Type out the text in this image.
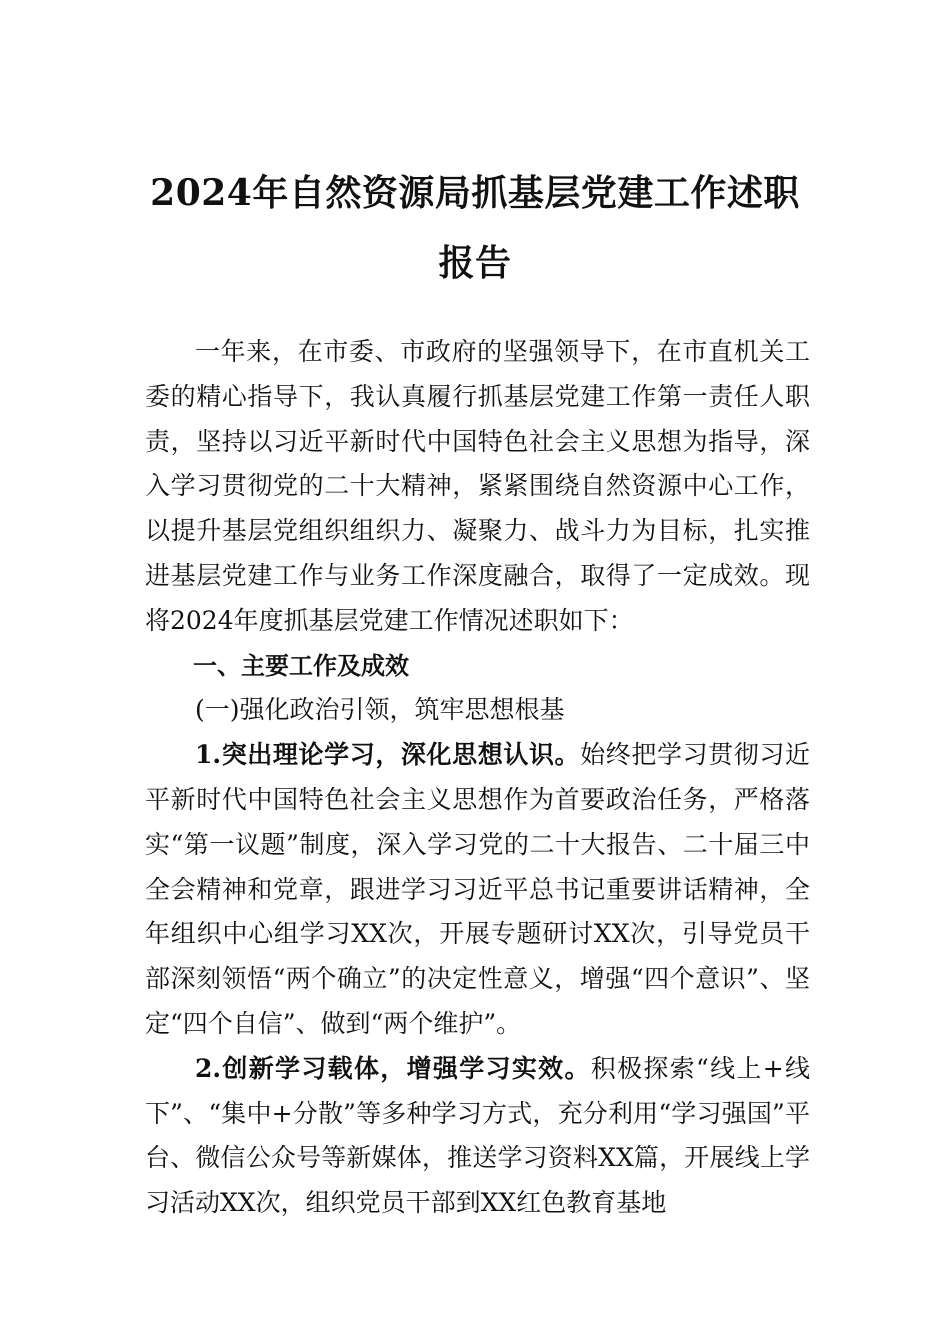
2024年自然资源局抓基层党建工作述职报告

一年来，在市委、市政府的坚强领导下，在市直机关工委的精心指导下，我认真履行抓基层党建工作第一责任人职责，坚持以习近平新时代中国特色社会主义思想为指导，深入学习贯彻党的二十大精神，紧紧围绕自然资源中心工作，以提升基层党组织组织力、凝聚力、战斗力为目标，扎实推进基层党建工作与业务工作深度融合，取得了一定成效。现将2024年度抓基层党建工作情况述职如下：

一、主要工作及成效

(一)强化政治引领，筑牢思想根基

1.突出理论学习，深化思想认识。始终把学习贯彻习近平新时代中国特色社会主义思想作为首要政治任务，严格落实“第一议题”制度，深入学习党的二十大报告、二十届三中全会精神和党章，跟进学习习近平总书记重要讲话精神，全年组织中心组学习XX次，开展专题研讨XX次，引导党员干部深刻领悟“两个确立”的决定性意义，增强“四个意识”、坚定“四个自信”、做到“两个维护”。

2.创新学习载体，增强学习实效。积极探索“线上+线下”、“集中+分散”等多种学习方式，充分利用“学习强国”平台、微信公众号等新媒体，推送学习资料XX篇，开展线上学习活动XX次，组织党员干部到XX红色教育基地
